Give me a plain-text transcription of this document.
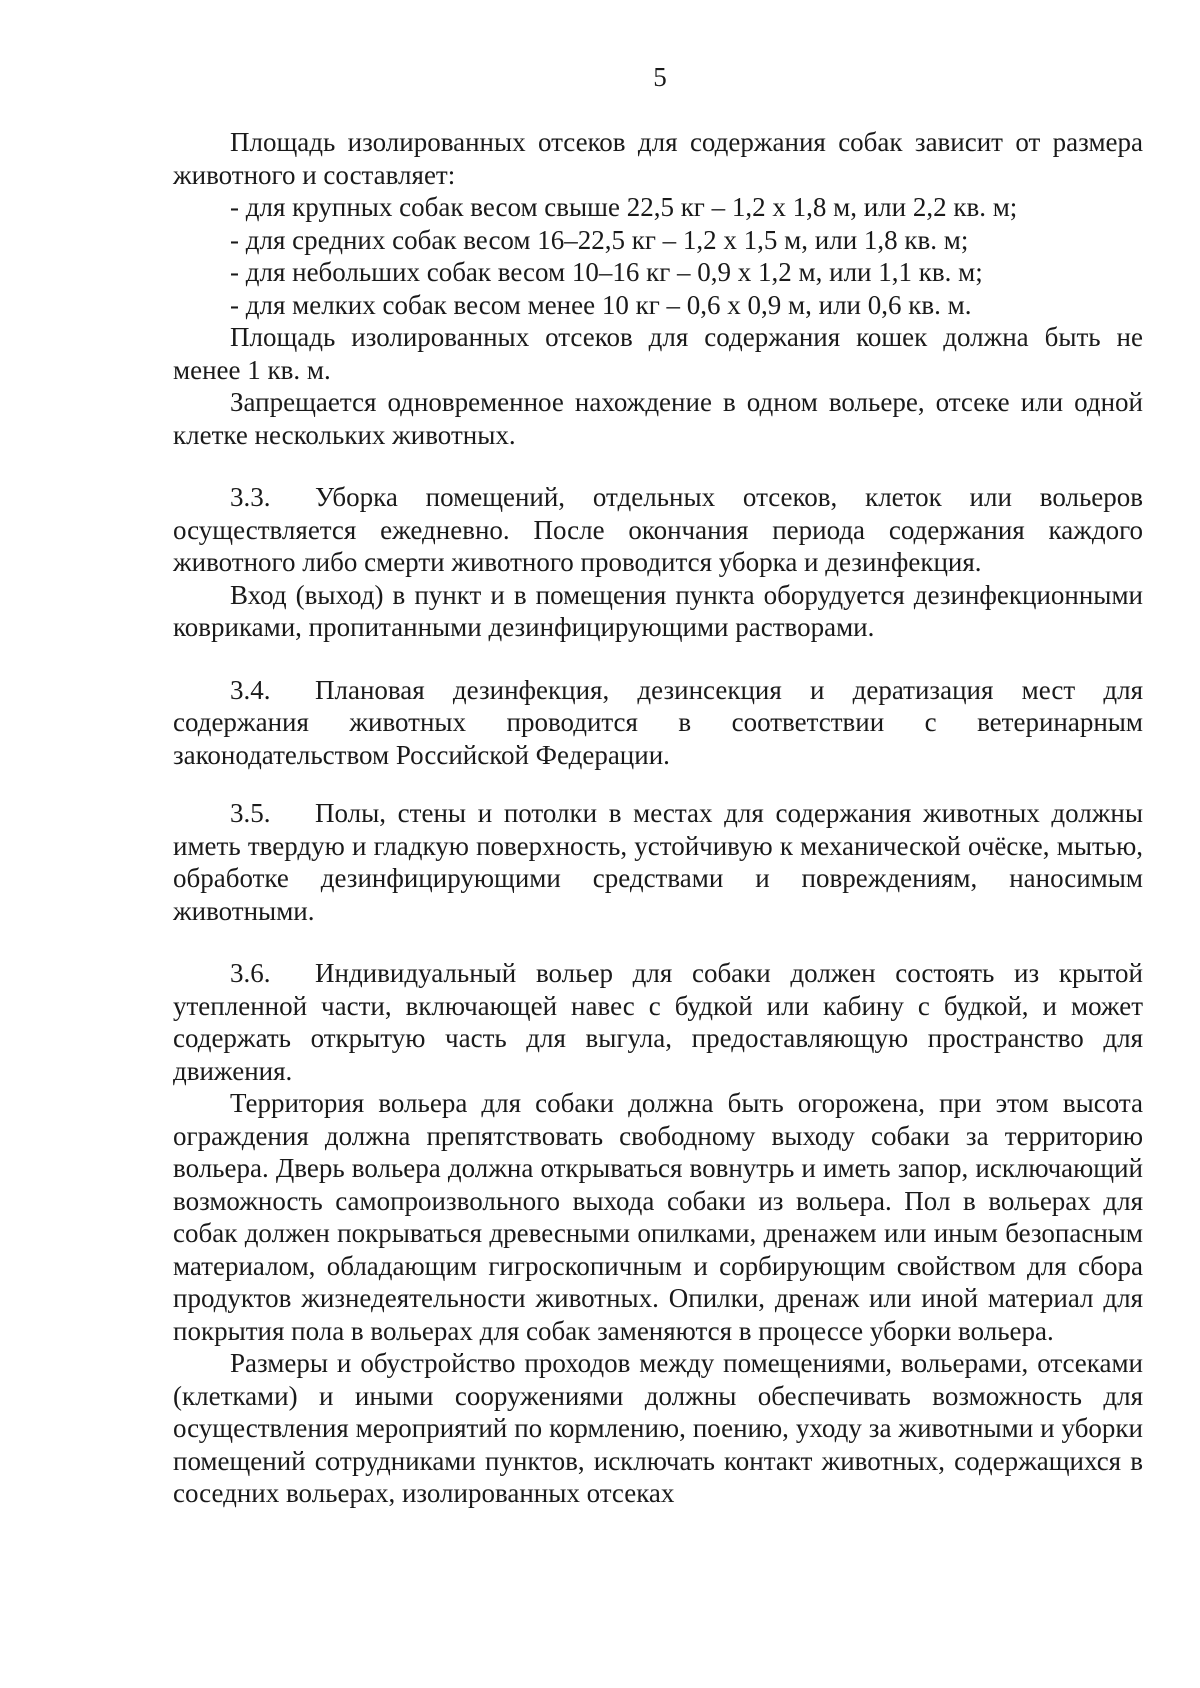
5

Площадь изолированных отсеков для содержания собак зависит от размера животного и составляет:

- для крупных собак весом свыше 22,5 кг – 1,2 х 1,8 м, или 2,2 кв. м;

- для средних собак весом 16–22,5 кг – 1,2 х 1,5 м, или 1,8 кв. м;

- для небольших собак весом 10–16 кг – 0,9 х 1,2 м, или 1,1 кв. м;

- для мелких собак весом менее 10 кг – 0,6 х 0,9 м, или 0,6 кв. м.

Площадь изолированных отсеков для содержания кошек должна быть не менее 1 кв. м.

Запрещается одновременное нахождение в одном вольере, отсеке или одной клетке нескольких животных.

3.3. Уборка помещений, отдельных отсеков, клеток или вольеров осуществляется ежедневно. После окончания периода содержания каждого животного либо смерти животного проводится уборка и дезинфекция.

Вход (выход) в пункт и в помещения пункта оборудуется дезинфекционными ковриками, пропитанными дезинфицирующими растворами.

3.4. Плановая дезинфекция, дезинсекция и дератизация мест для содержания животных проводится в соответствии с ветеринарным законодательством Российской Федерации.

3.5. Полы, стены и потолки в местах для содержания животных должны иметь твердую и гладкую поверхность, устойчивую к механической очёске, мытью, обработке дезинфицирующими средствами и повреждениям, наносимым животными.

3.6. Индивидуальный вольер для собаки должен состоять из крытой утепленной части, включающей навес с будкой или кабину с будкой, и может содержать открытую часть для выгула, предоставляющую пространство для движения.

Территория вольера для собаки должна быть огорожена, при этом высота ограждения должна препятствовать свободному выходу собаки за территорию вольера. Дверь вольера должна открываться вовнутрь и иметь запор, исключающий возможность самопроизвольного выхода собаки из вольера. Пол в вольерах для собак должен покрываться древесными опилками, дренажем или иным безопасным материалом, обладающим гигроскопичным и сорбирующим свойством для сбора продуктов жизнедеятельности животных. Опилки, дренаж или иной материал для покрытия пола в вольерах для собак заменяются в процессе уборки вольера.

Размеры и обустройство проходов между помещениями, вольерами, отсеками (клетками) и иными сооружениями должны обеспечивать возможность для осуществления мероприятий по кормлению, поению, уходу за животными и уборки помещений сотрудниками пунктов, исключать контакт животных, содержащихся в соседних вольерах, изолированных отсеках
